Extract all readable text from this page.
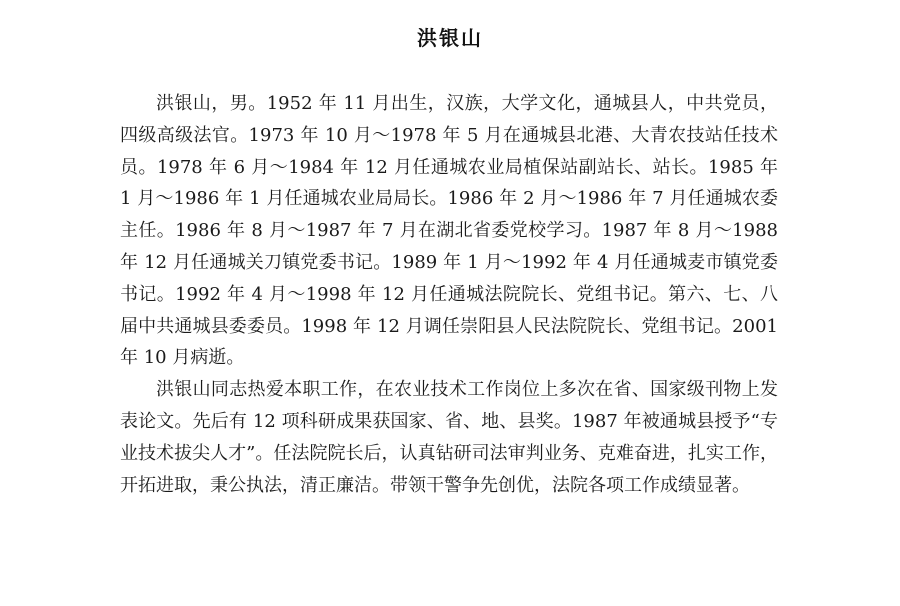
洪银山

洪银山，男。1952 年 11 月出生，汉族，大学文化，通城县人，中共党员，四级高级法官。1973 年 10 月～1978 年 5 月在通城县北港、大青农技站任技术员。1978 年 6 月～1984 年 12 月任通城农业局植保站副站长、站长。1985 年 1 月～1986 年 1 月任通城农业局局长。1986 年 2 月～1986 年 7 月任通城农委主任。1986 年 8 月～1987 年 7 月在湖北省委党校学习。1987 年 8 月～1988 年 12 月任通城关刀镇党委书记。1989 年 1 月～1992 年 4 月任通城麦市镇党委书记。1992 年 4 月～1998 年 12 月任通城法院院长、党组书记。第六、七、八届中共通城县委委员。1998 年 12 月调任崇阳县人民法院院长、党组书记。2001 年 10 月病逝。

洪银山同志热爱本职工作，在农业技术工作岗位上多次在省、国家级刊物上发表论文。先后有 12 项科研成果获国家、省、地、县奖。1987 年被通城县授予“专业技术拔尖人才”。任法院院长后，认真钻研司法审判业务、克难奋进，扎实工作，开拓进取，秉公执法，清正廉洁。带领干警争先创优，法院各项工作成绩显著。
